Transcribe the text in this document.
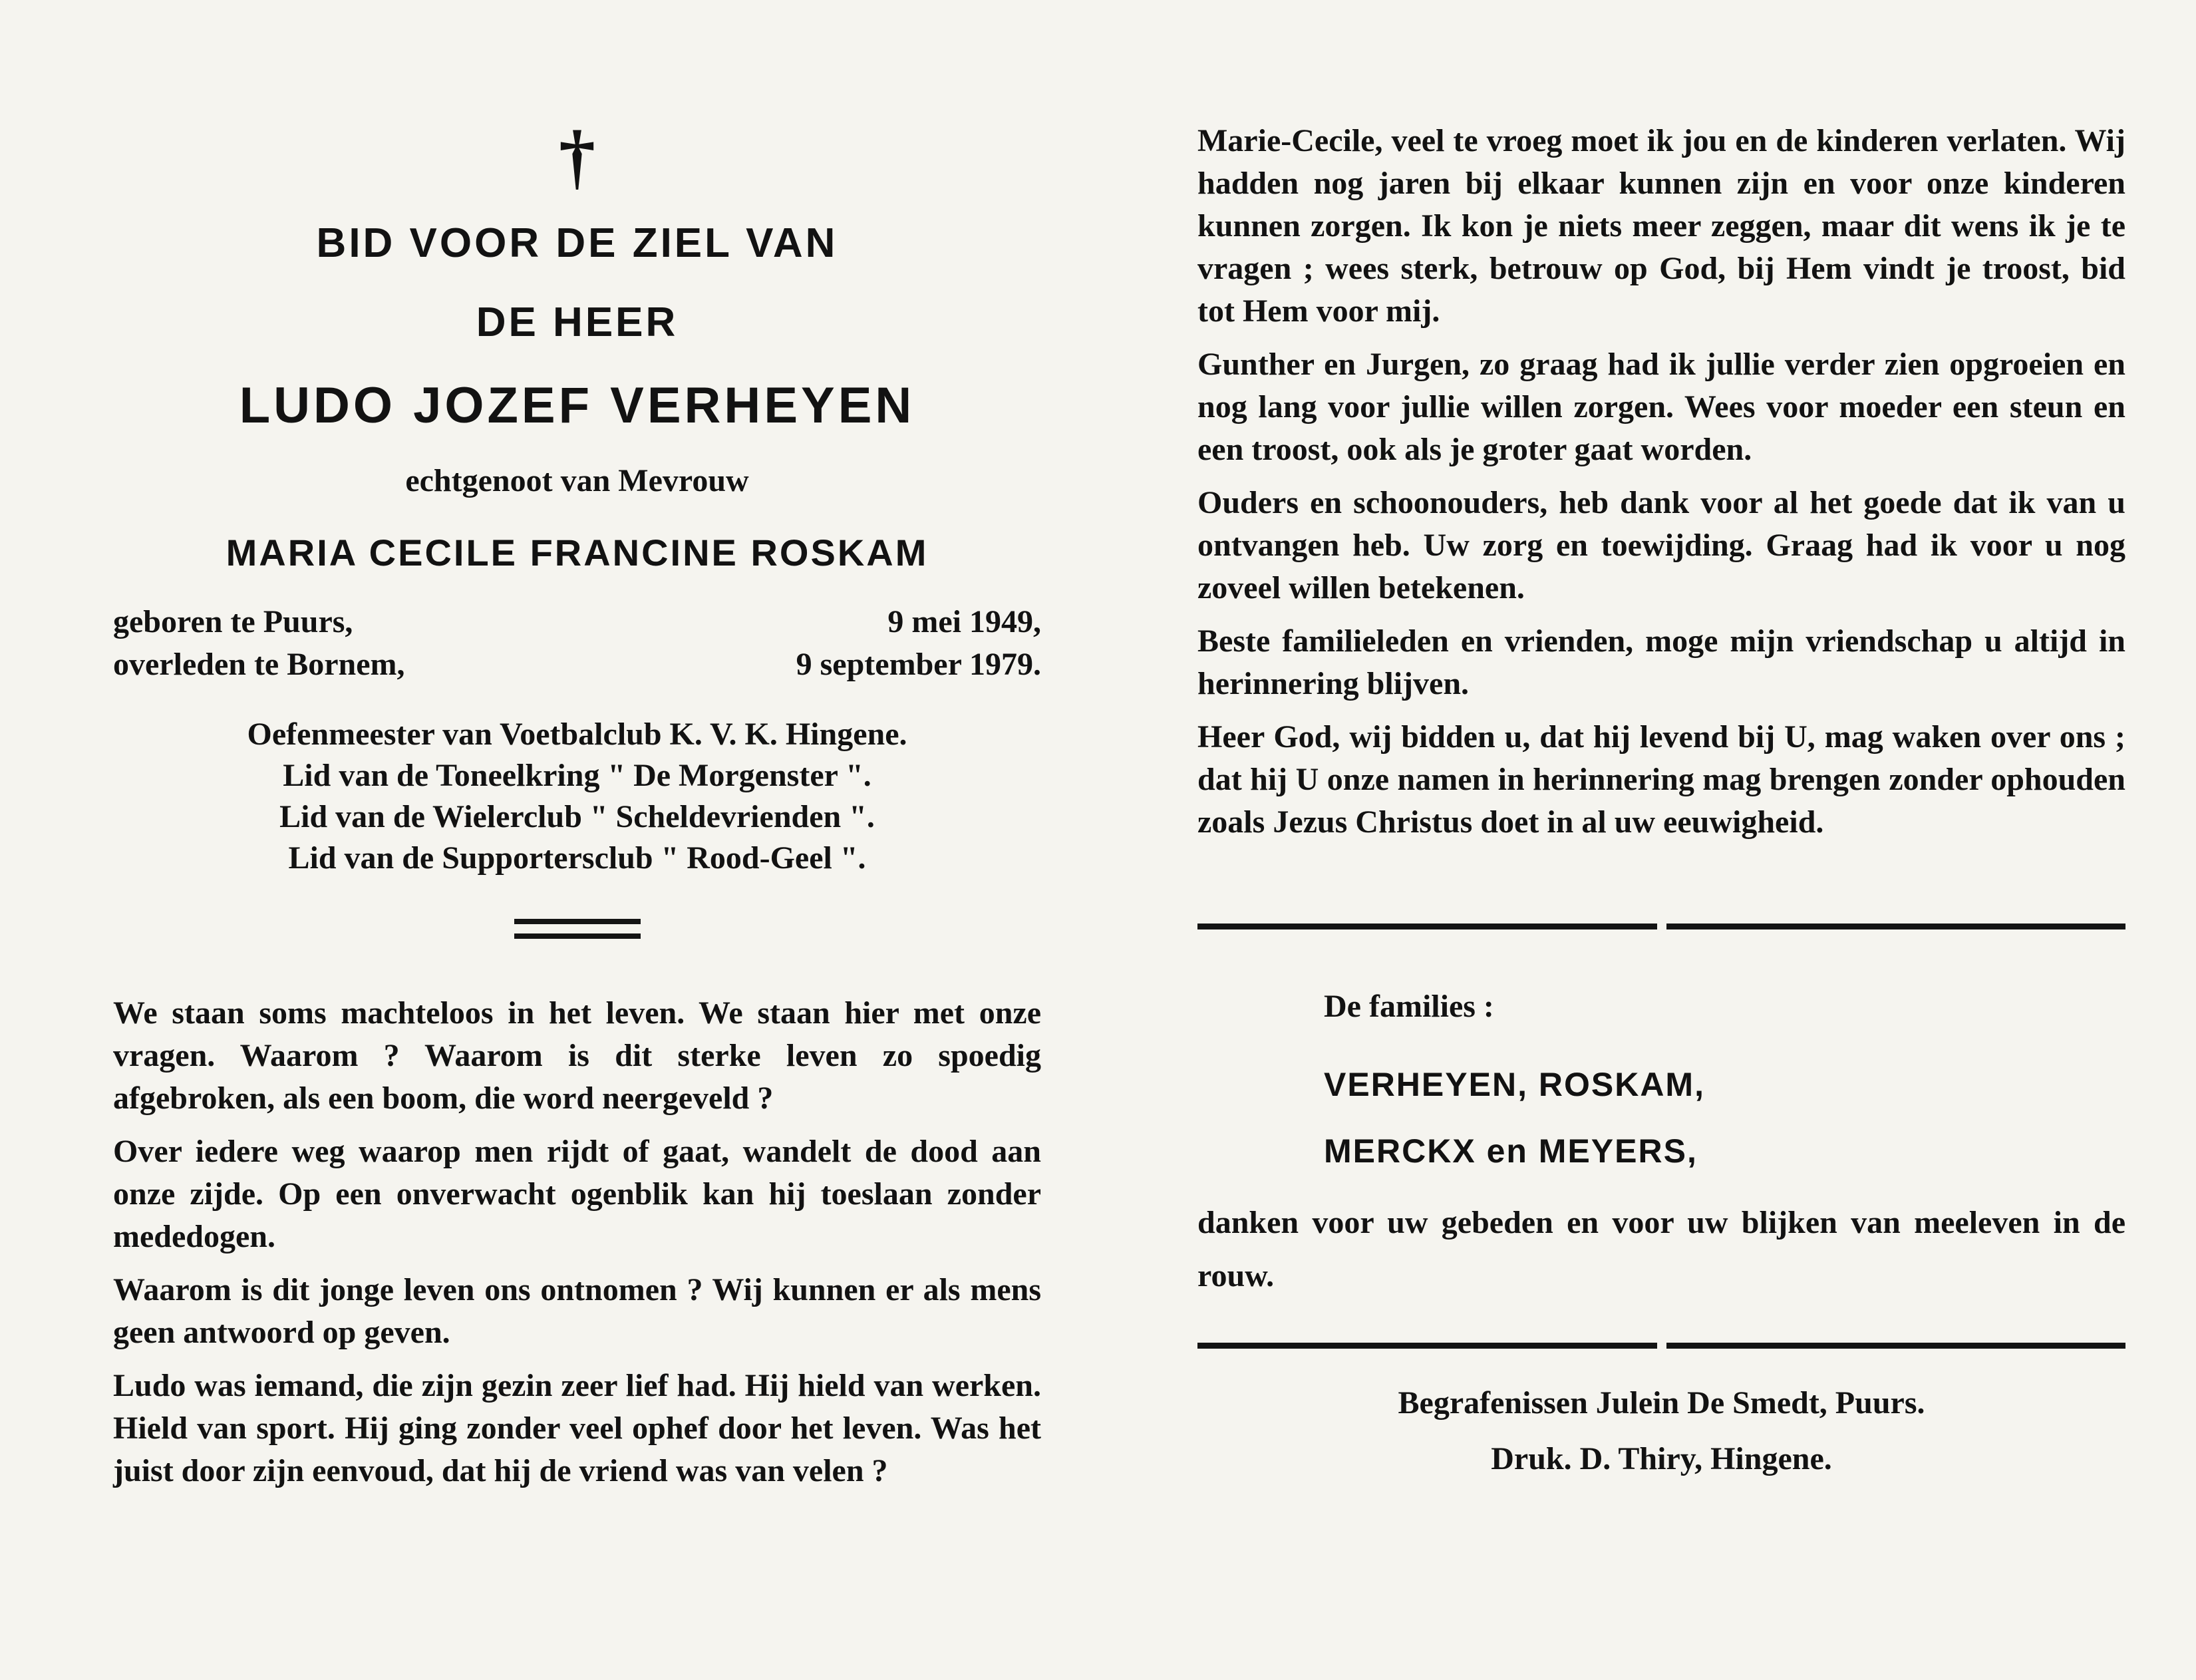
†

BID VOOR DE ZIEL VAN

DE HEER

LUDO JOZEF VERHEYEN

echtgenoot van Mevrouw

MARIA CECILE FRANCINE ROSKAM

geboren te Puurs,	9 mei 1949,
overleden te Bornem,	9 september 1979.
Oefenmeester van Voetbalclub K. V. K. Hingene.
Lid van de Toneelkring " De Morgenster ".
Lid van de Wielerclub " Scheldevrienden ".
Lid van de Supportersclub " Rood-Geel ".

We staan soms machteloos in het leven. We staan hier met onze vragen. Waarom ? Waarom is dit sterke leven zo spoedig afgebroken, als een boom, die word neergeveld ?

Over iedere weg waarop men rijdt of gaat, wandelt de dood aan onze zijde. Op een onverwacht ogenblik kan hij toeslaan zonder mededogen.

Waarom is dit jonge leven ons ontnomen ? Wij kunnen er als mens geen antwoord op geven.

Ludo was iemand, die zijn gezin zeer lief had. Hij hield van werken. Hield van sport. Hij ging zonder veel ophef door het leven. Was het juist door zijn eenvoud, dat hij de vriend was van velen ?

Marie-Cecile, veel te vroeg moet ik jou en de kinderen verlaten. Wij hadden nog jaren bij elkaar kunnen zijn en voor onze kinderen kunnen zorgen. Ik kon je niets meer zeggen, maar dit wens ik je te vragen ; wees sterk, betrouw op God, bij Hem vindt je troost, bid tot Hem voor mij.

Gunther en Jurgen, zo graag had ik jullie verder zien opgroeien en nog lang voor jullie willen zorgen. Wees voor moeder een steun en een troost, ook als je groter gaat worden.

Ouders en schoonouders, heb dank voor al het goede dat ik van u ontvangen heb. Uw zorg en toewijding. Graag had ik voor u nog zoveel willen betekenen.

Beste familieleden en vrienden, moge mijn vriendschap u altijd in herinnering blijven.

Heer God, wij bidden u, dat hij levend bij U, mag waken over ons ; dat hij U onze namen in herinnering mag brengen zonder ophouden zoals Jezus Christus doet in al uw eeuwigheid.

De families :

VERHEYEN, ROSKAM,
MERCKX en MEYERS,
danken voor uw gebeden en voor uw blijken van meeleven in de rouw.
Begrafenissen Julein De Smedt, Puurs.
Druk. D. Thiry, Hingene.
